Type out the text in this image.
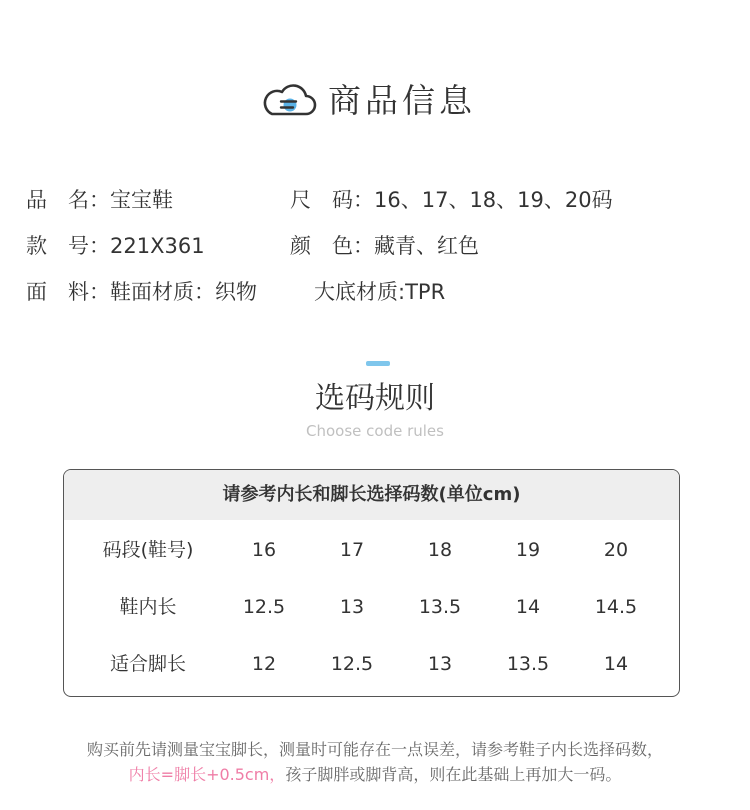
商品信息
品　名：宝宝鞋	尺　码：16、17、18、19、20码
款　号：221X361	颜　色：藏青、红色
面　料：鞋面材质：织物	大底材质:TPR
选码规则
Choose code rules
请参考内长和脚长选择码数(单位cm)
码段(鞋号)	16	17	18	19	20
鞋内长	12.5	13	13.5	14	14.5
适合脚长	12	12.5	13	13.5	14
购买前先请测量宝宝脚长，测量时可能存在一点误差，请参考鞋子内长选择码数，
内长=脚长+0.5cm，孩子脚胖或脚背高，则在此基础上再加大一码。
